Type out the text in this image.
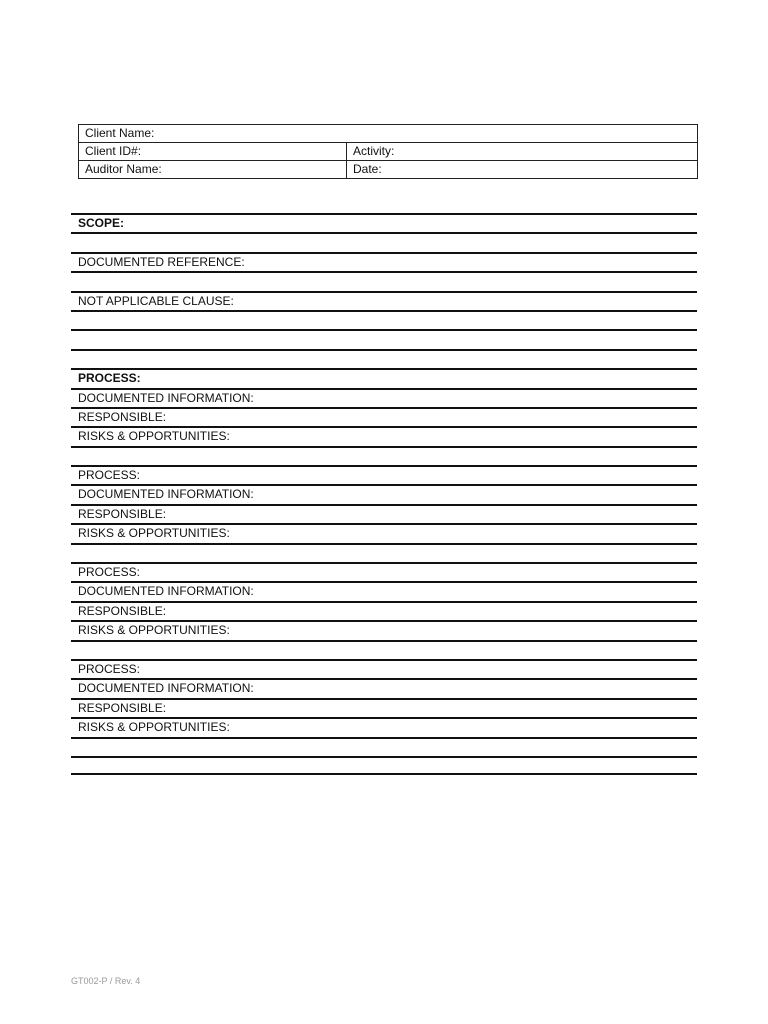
Client Name:	
Client ID#:	Activity:
Auditor Name:	Date:
SCOPE:
DOCUMENTED REFERENCE:
NOT APPLICABLE CLAUSE:
PROCESS:
DOCUMENTED INFORMATION:
RESPONSIBLE:
RISKS & OPPORTUNITIES:
PROCESS:
DOCUMENTED INFORMATION:
RESPONSIBLE:
RISKS & OPPORTUNITIES:
PROCESS:
DOCUMENTED INFORMATION:
RESPONSIBLE:
RISKS & OPPORTUNITIES:
PROCESS:
DOCUMENTED INFORMATION:
RESPONSIBLE:
RISKS & OPPORTUNITIES:
GT002-P / Rev. 4
